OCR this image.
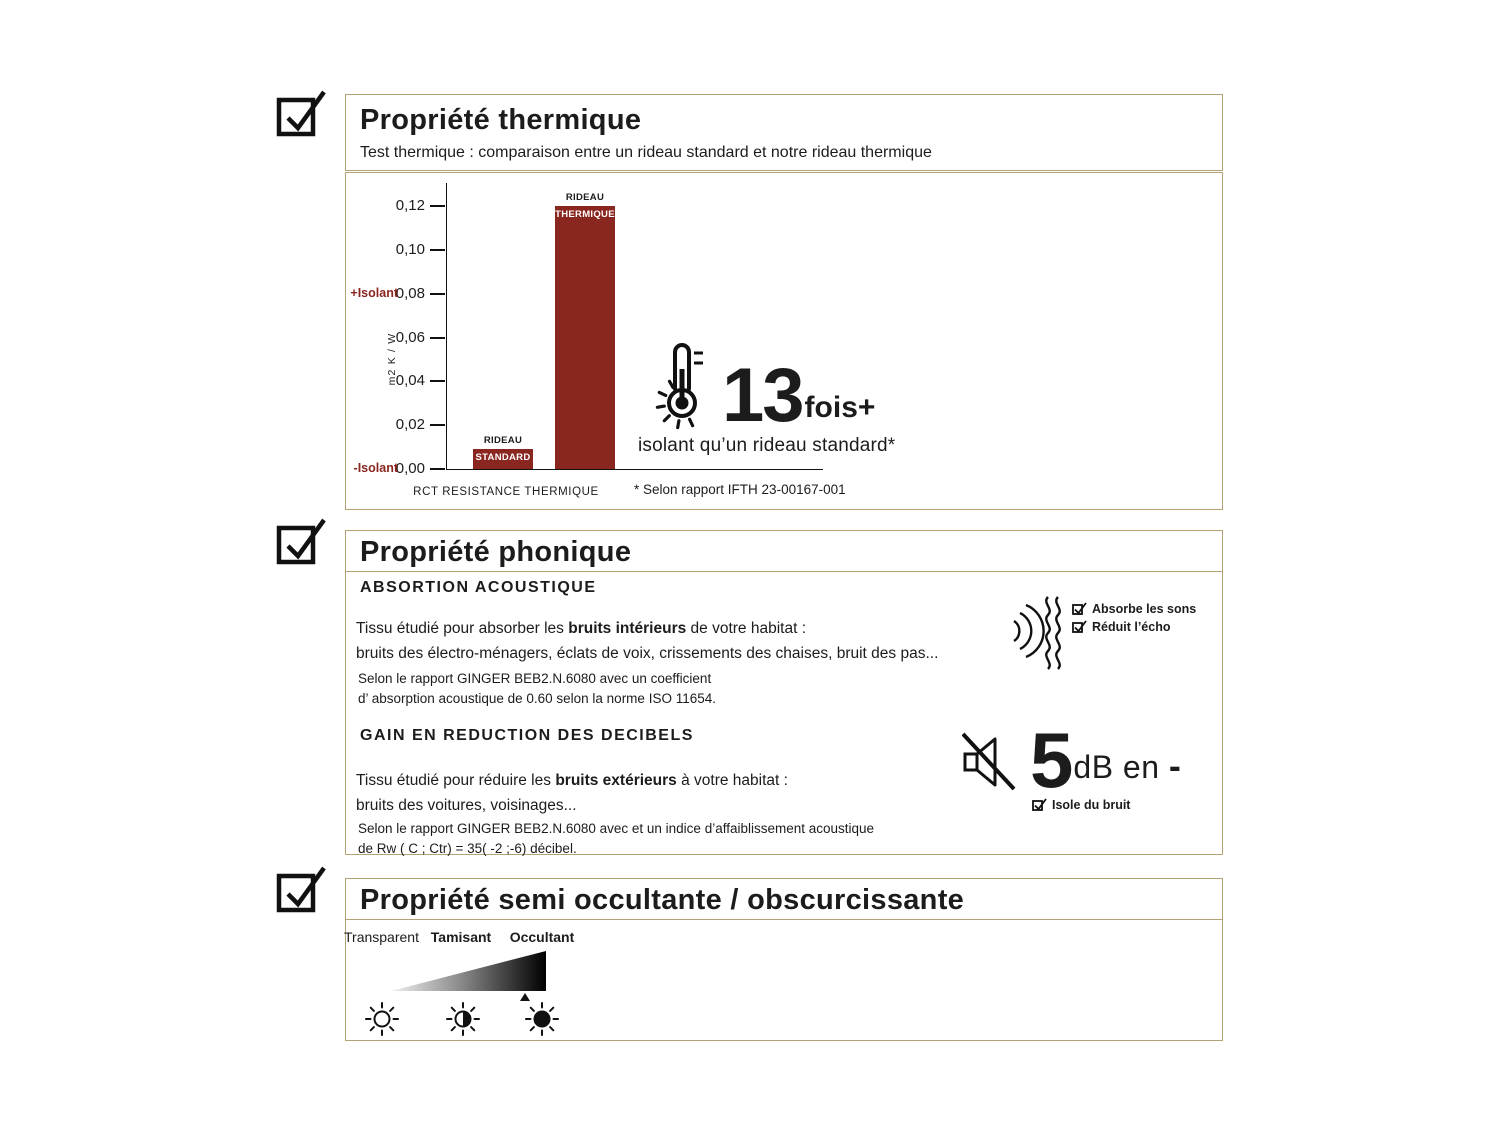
Propriété thermique
Test thermique : comparaison entre un rideau standard et notre rideau thermique
m2 K / W
0,12
0,10
0,08
0,06
0,04
0,02
0,00
+Isolant
-Isolant
STANDARD
RIDEAU
THERMIQUE
RIDEAU
RCT RESISTANCE THERMIQUE	* Selon rapport IFTH 23-00167-001
13 fois+
isolant qu’un rideau standard*
Propriété phonique
ABSORTION ACOUSTIQUE
Tissu étudié pour absorber les bruits intérieurs de votre habitat :
bruits des électro-ménagers, éclats de voix, crissements des chaises, bruit des pas...
Selon le rapport GINGER BEB2.N.6080 avec un coefficient
d’ absorption acoustique de 0.60 selon la norme ISO 11654.
GAIN EN REDUCTION DES DECIBELS
Tissu étudié pour réduire les bruits extérieurs à votre habitat :
bruits des voitures, voisinages...
Selon le rapport GINGER BEB2.N.6080 avec et un indice d’affaiblissement acoustique
de Rw ( C ; Ctr) = 35( -2 ;-6) décibel.
Absorbe les sons
Réduit l’écho
5 dB en -
Isole du bruit
Propriété semi occultante / obscurcissante
Transparent Tamisant	Occultant
